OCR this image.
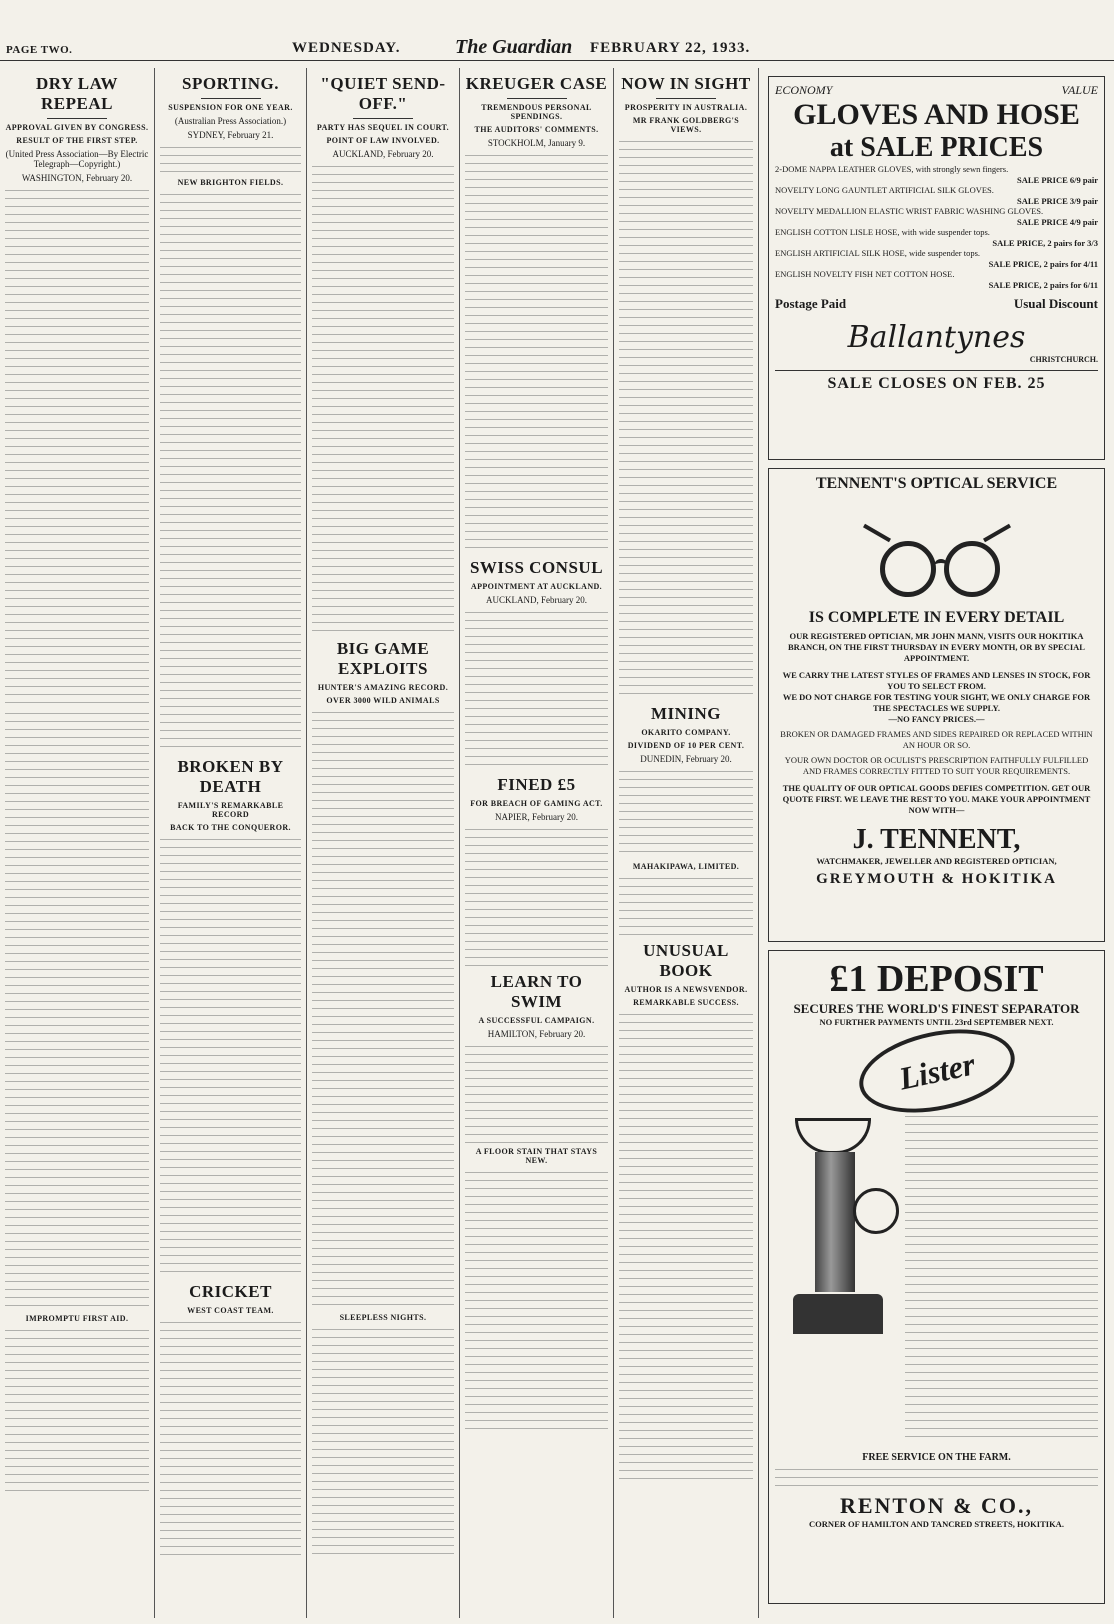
PAGE TWO.	WEDNESDAY.	The Guardian FEBRUARY 22, 1933.
DRY LAW REPEAL
APPROVAL GIVEN BY CONGRESS.
RESULT OF THE FIRST STEP.
(United Press Association—By Electric Telegraph—Copyright.)
WASHINGTON, February 20.
IMPROMPTU FIRST AID.
SPORTING.
SUSPENSION FOR ONE YEAR.
(Australian Press Association.)
SYDNEY, February 21.
NEW BRIGHTON FIELDS.
BROKEN BY DEATH
FAMILY'S REMARKABLE RECORD
BACK TO THE CONQUEROR.
CRICKET
WEST COAST TEAM.
"QUIET SEND-OFF."
PARTY HAS SEQUEL IN COURT.
POINT OF LAW INVOLVED.
AUCKLAND, February 20.
BIG GAME EXPLOITS
HUNTER'S AMAZING RECORD.
OVER 3000 WILD ANIMALS
SLEEPLESS NIGHTS.
KREUGER CASE
TREMENDOUS PERSONAL SPENDINGS.
THE AUDITORS' COMMENTS.
STOCKHOLM, January 9.
SWISS CONSUL
APPOINTMENT AT AUCKLAND.
AUCKLAND, February 20.
FINED £5
FOR BREACH OF GAMING ACT.
NAPIER, February 20.
LEARN TO SWIM
A SUCCESSFUL CAMPAIGN.
HAMILTON, February 20.
A FLOOR STAIN THAT STAYS NEW.
NOW IN SIGHT
PROSPERITY IN AUSTRALIA.
MR FRANK GOLDBERG'S VIEWS.
MINING
OKARITO COMPANY.
DIVIDEND OF 10 PER CENT.
DUNEDIN, February 20.
MAHAKIPAWA, LIMITED.
UNUSUAL BOOK
AUTHOR IS A NEWSVENDOR.
REMARKABLE SUCCESS.
ECONOMY	VALUE
GLOVES AND HOSE
at SALE PRICES
2-DOME NAPPA LEATHER GLOVES, with strongly sewn fingers.
SALE PRICE 6/9 pair
NOVELTY LONG GAUNTLET ARTIFICIAL SILK GLOVES.
SALE PRICE 3/9 pair
NOVELTY MEDALLION ELASTIC WRIST FABRIC WASHING GLOVES.
SALE PRICE 4/9 pair
ENGLISH COTTON LISLE HOSE, with wide suspender tops.
SALE PRICE, 2 pairs for 3/3
ENGLISH ARTIFICIAL SILK HOSE, wide suspender tops.
SALE PRICE, 2 pairs for 4/11
ENGLISH NOVELTY FISH NET COTTON HOSE.
SALE PRICE, 2 pairs for 6/11
Postage Paid	Usual Discount
Ballantynes
CHRISTCHURCH.
SALE CLOSES ON FEB. 25
TENNENT'S OPTICAL SERVICE
IS COMPLETE IN EVERY DETAIL
OUR REGISTERED OPTICIAN, MR JOHN MANN, VISITS OUR HOKITIKA BRANCH, ON THE FIRST THURSDAY IN EVERY MONTH, OR BY SPECIAL APPOINTMENT.
WE CARRY THE LATEST STYLES OF FRAMES AND LENSES IN STOCK, FOR YOU TO SELECT FROM.
WE DO NOT CHARGE FOR TESTING YOUR SIGHT, WE ONLY CHARGE FOR THE SPECTACLES WE SUPPLY.
—NO FANCY PRICES.—
BROKEN OR DAMAGED FRAMES AND SIDES REPAIRED OR REPLACED WITHIN AN HOUR OR SO.
YOUR OWN DOCTOR OR OCULIST'S PRESCRIPTION FAITHFULLY FULFILLED AND FRAMES CORRECTLY FITTED TO SUIT YOUR REQUIREMENTS.
THE QUALITY OF OUR OPTICAL GOODS DEFIES COMPETITION. GET OUR QUOTE FIRST. WE LEAVE THE REST TO YOU. MAKE YOUR APPOINTMENT NOW WITH—
J. TENNENT,
WATCHMAKER, JEWELLER AND REGISTERED OPTICIAN,
GREYMOUTH & HOKITIKA
£1 DEPOSIT
SECURES THE WORLD'S FINEST SEPARATOR
NO FURTHER PAYMENTS UNTIL 23rd SEPTEMBER NEXT.
Lister
FREE SERVICE ON THE FARM.
RENTON & CO.,
CORNER OF HAMILTON AND TANCRED STREETS, HOKITIKA.
